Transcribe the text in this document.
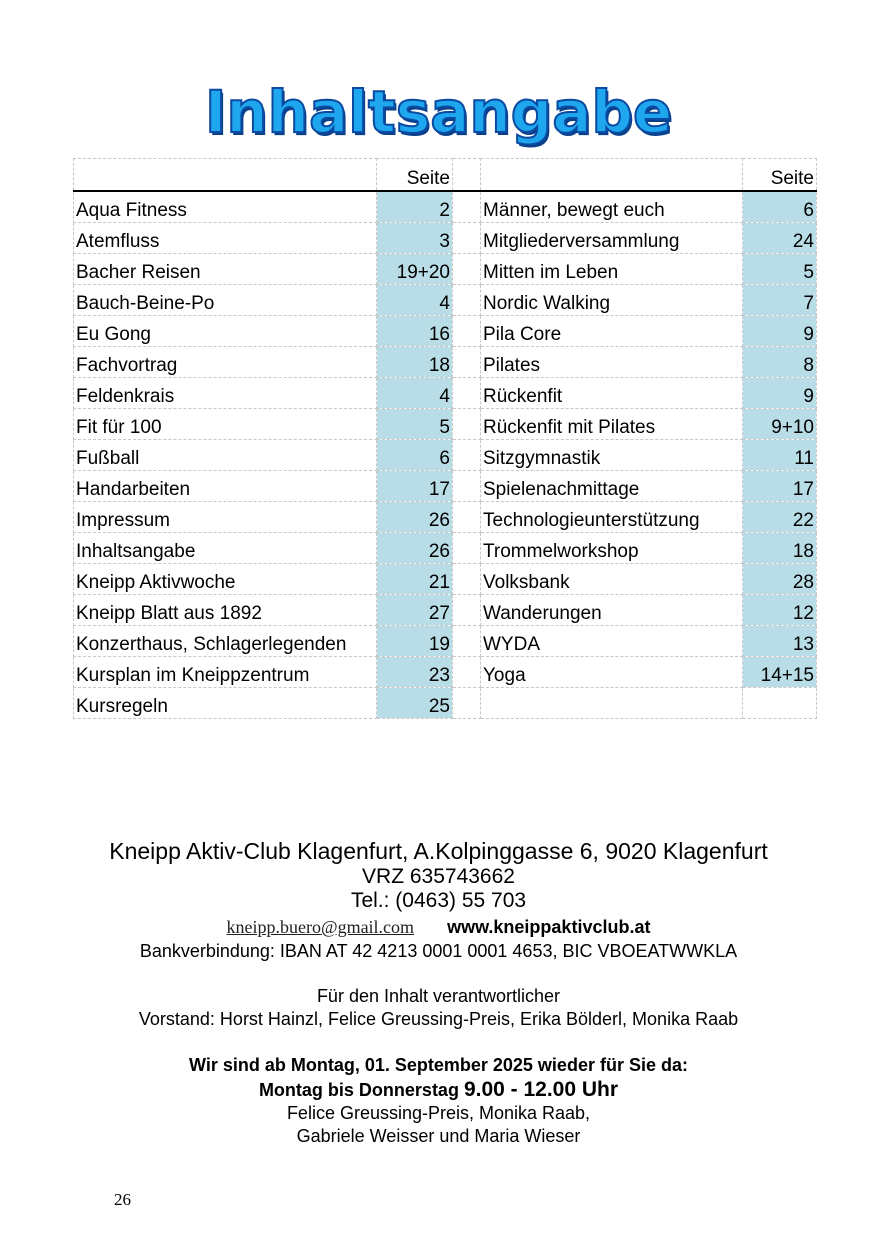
Inhaltsangabe
	Seite			Seite
Aqua Fitness	2		Männer, bewegt euch	6
Atemfluss	3		Mitgliederversammlung	24
Bacher Reisen	19+20		Mitten im Leben	5
Bauch-Beine-Po	4		Nordic Walking	7
Eu Gong	16		Pila Core	9
Fachvortrag	18		Pilates	8
Feldenkrais	4		Rückenfit	9
Fit für 100	5		Rückenfit mit Pilates	9+10
Fußball	6		Sitzgymnastik	11
Handarbeiten	17		Spielenachmittage	17
Impressum	26		Technologieunterstützung	22
Inhaltsangabe	26		Trommelworkshop	18
Kneipp Aktivwoche	21		Volksbank	28
Kneipp Blatt aus 1892	27		Wanderungen	12
Konzerthaus, Schlagerlegenden	19		WYDA	13
Kursplan im Kneippzentrum	23		Yoga	14+15
Kursregeln	25			
Kneipp Aktiv-Club Klagenfurt, A.Kolpinggasse 6, 9020 Klagenfurt
VRZ 635743662
Tel.: (0463) 55 703
kneipp.buero@gmail.com www.kneippaktivclub.at
Bankverbindung: IBAN AT 42 4213 0001 0001 4653, BIC VBOEATWWKLA
Für den Inhalt verantwortlicher
Vorstand: Horst Hainzl, Felice Greussing-Preis, Erika Bölderl, Monika Raab
Wir sind ab Montag, 01. September 2025 wieder für Sie da:
Montag bis Donnerstag 9.00 - 12.00 Uhr
Felice Greussing-Preis, Monika Raab,
Gabriele Weisser und Maria Wieser
26
